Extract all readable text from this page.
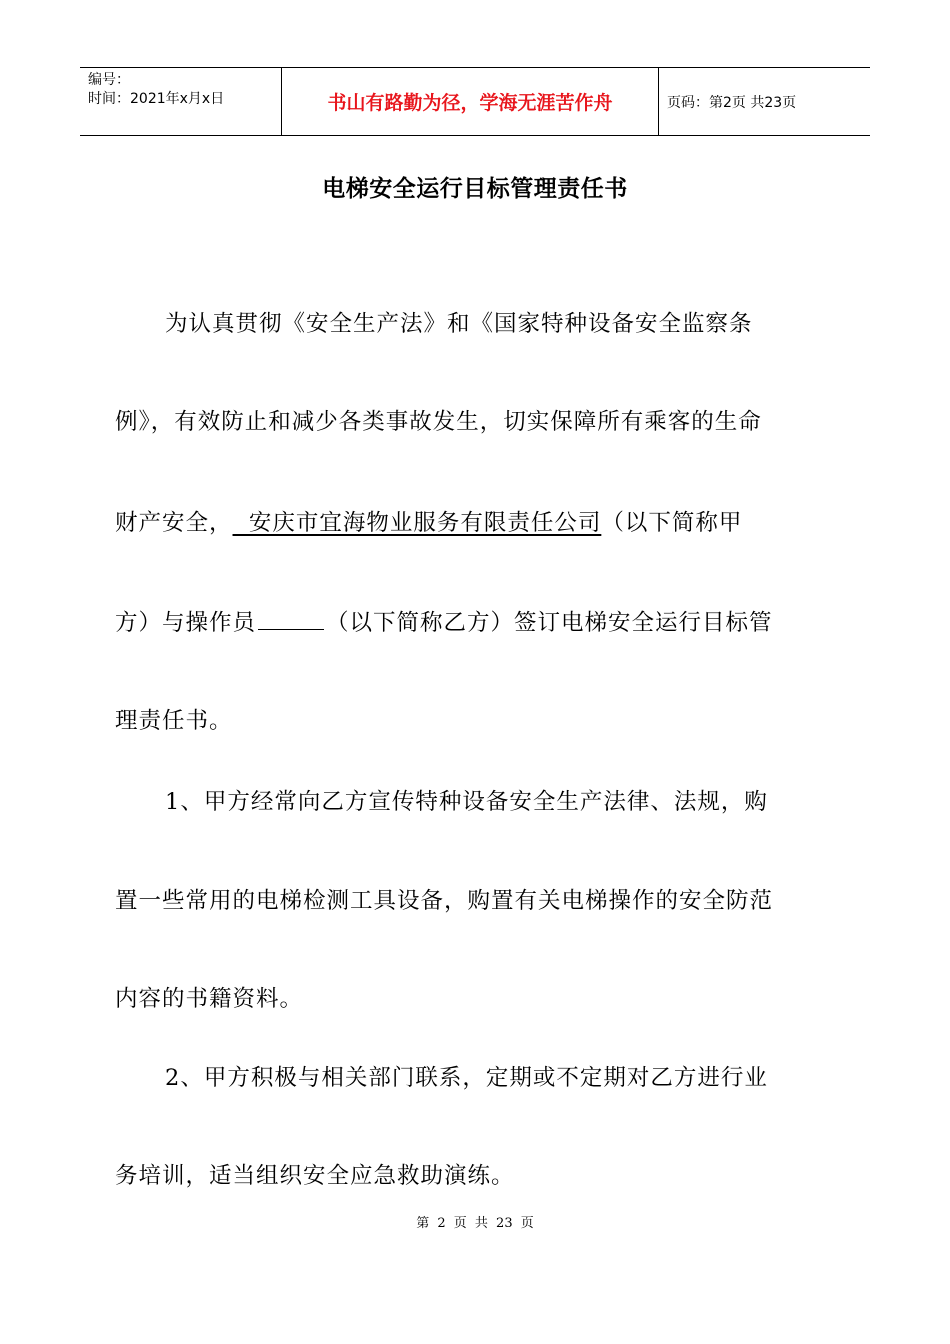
编号：
时间：2021年x月x日	书山有路勤为径，学海无涯苦作舟	页码：第2页 共23页
电梯安全运行目标管理责任书
为认真贯彻《安全生产法》和《国家特种设备安全监察条
例》，有效防止和减少各类事故发生，切实保障所有乘客的生命
财产安全，  安庆市宜海物业服务有限责任公司（以下简称甲
方）与操作员	（以下简称乙方）签订电梯安全运行目标管
理责任书。
1、甲方经常向乙方宣传特种设备安全生产法律、法规，购
置一些常用的电梯检测工具设备，购置有关电梯操作的安全防范
内容的书籍资料。
2、甲方积极与相关部门联系，定期或不定期对乙方进行业
务培训，适当组织安全应急救助演练。
第 2 页 共 23 页
